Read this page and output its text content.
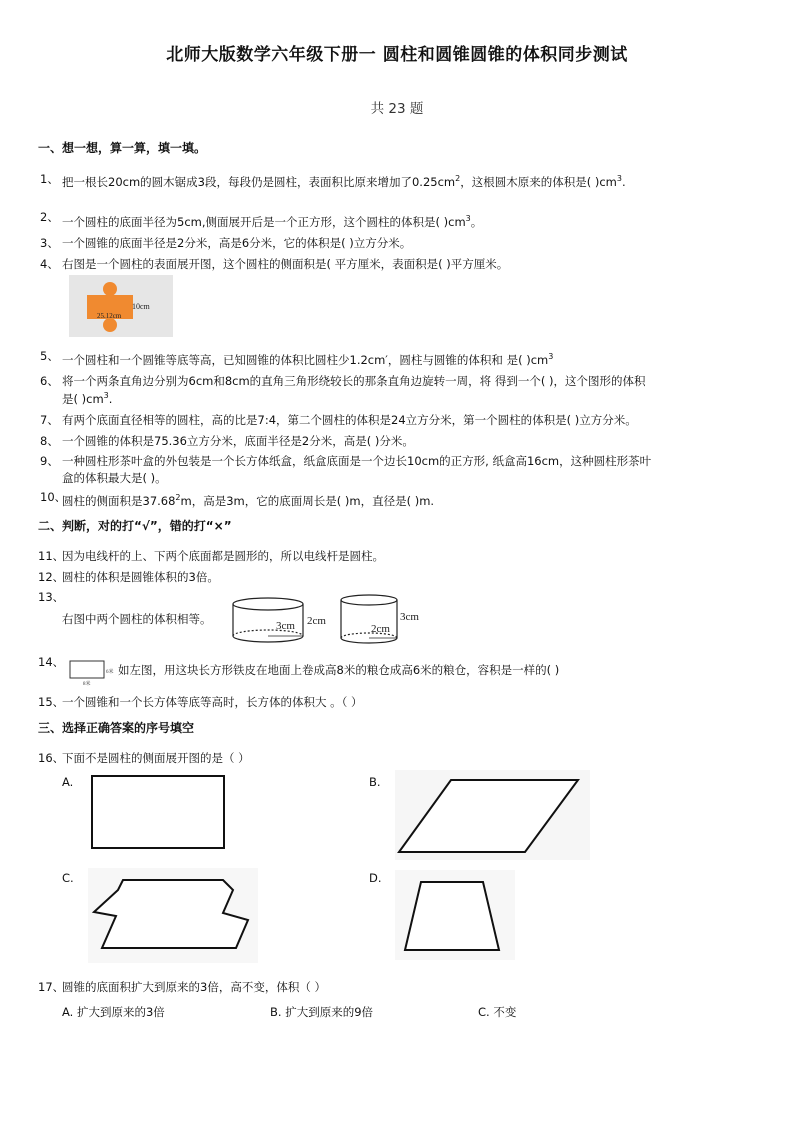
北师大版数学六年级下册一 圆柱和圆锥圆锥的体积同步测试
共 23 题
一、想一想，算一算，填一填。
1、 把一根长20cm的圆木锯成3段，每段仍是圆柱，表面积比原来增加了$0.25cm^2$，这根圆木原来的体积是( )$cm^3$.
2、 一个圆柱的底面半径为5cm,侧面展开后是一个正方形，这个圆柱的体积是( )$cm^3$。
3、 一个圆锥的底面半径是2分米，高是6分米，它的体积是( )立方分米。
4、 右图是一个圆柱的表面展开图，这个圆柱的侧面积是( 平方厘米，表面积是( )平方厘米。
10cm
25.12cm
5、 一个圆柱和一个圆锥等底等高，已知圆锥的体积比圆柱少1.2cm′，圆柱与圆锥的体积和 是( )$cm^3$
6、 将一个两条直角边分别为6cm和8cm的直角三角形绕较长的那条直角边旋转一周，将 得到一个( )，这个图形的体积
是( )$cm^3$.
7、 有两个底面直径相等的圆柱，高的比是7:4，第二个圆柱的体积是24立方分米，第一个圆柱的体积是( )立方分米。
8、 一个圆锥的体积是75.36立方分米，底面半径是2分米，高是( )分米。
9、 一种圆柱形茶叶盒的外包装是一个长方体纸盒，纸盒底面是一个边长10cm的正方形, 纸盒高16cm，这种圆柱形茶叶
盒的体积最大是( )。
10、
圆柱的侧面积是37.68$^2$m，高是3m，它的底面周长是( )m，直径是( )m.
二、判断，对的打“√”，错的打“×”
11、
因为电线杆的上、下两个底面都是圆形的，所以电线杆是圆柱。
12、
圆柱的体积是圆锥体积的3倍。
13、
右图中两个圆柱的体积相等。	3cm 2cm
2cm
3cm
14、
6米
8米
如左图，用这块长方形铁皮在地面上卷成高8米的粮仓成高6米的粮仓，容积是一样的( )
15、
一个圆锥和一个长方体等底等高时，长方体的体积大 。（ ）
三、选择正确答案的序号填空
16、
下面不是圆柱的侧面展开图的是（ ）
A.	B.
C.	D.
17、
圆锥的底面积扩大到原来的3倍，高不变，体积（ ）
A. 扩大到原来的3倍	B. 扩大到原来的9倍	C. 不变
